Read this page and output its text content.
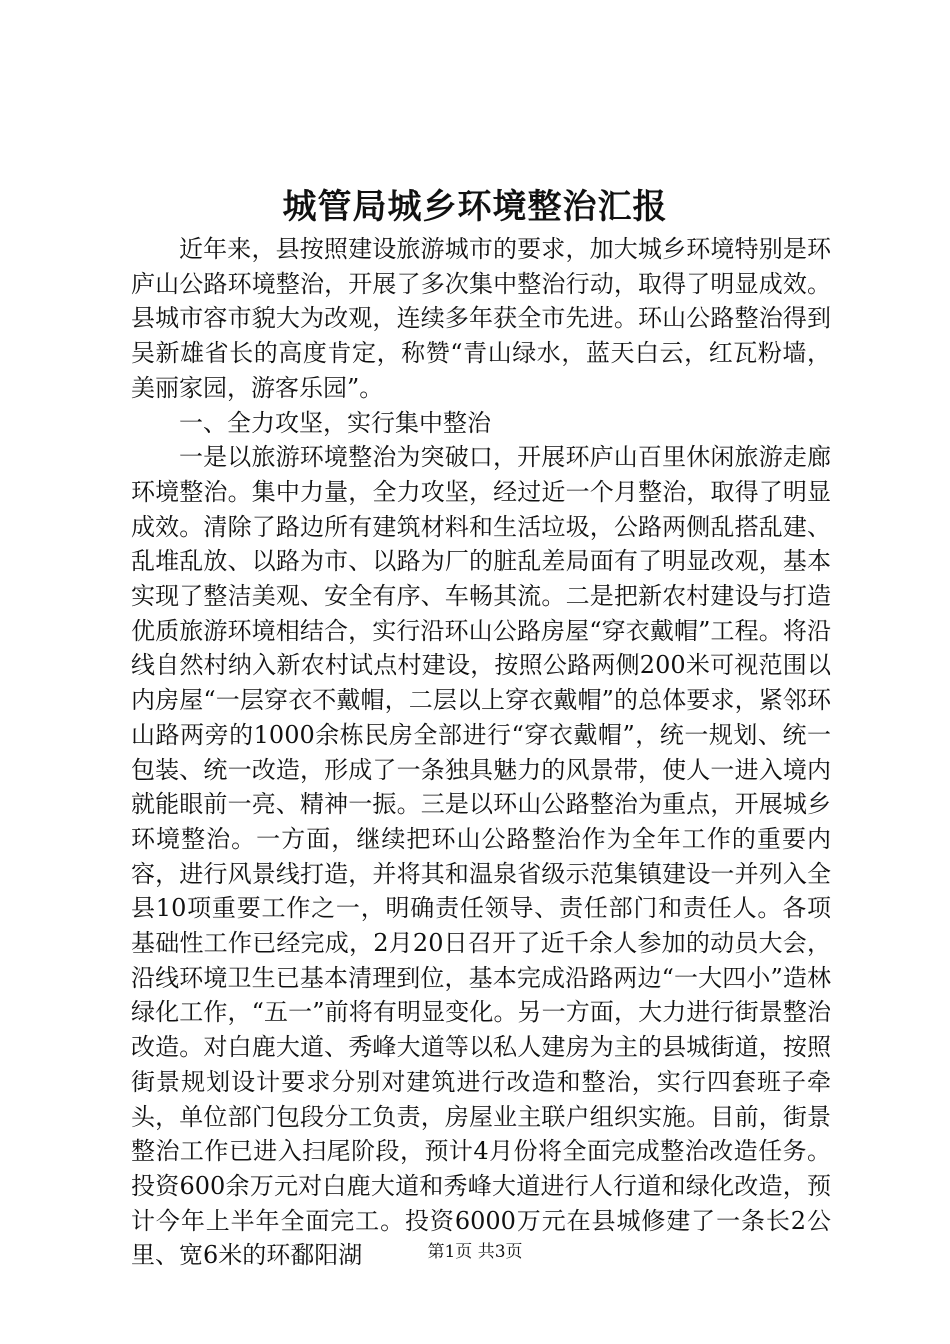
城管局城乡环境整治汇报

近年来，县按照建设旅游城市的要求，加大城乡环境特别是环庐山公路环境整治，开展了多次集中整治行动，取得了明显成效。县城市容市貌大为改观，连续多年获全市先进。环山公路整治得到吴新雄省长的高度肯定，称赞“青山绿水，蓝天白云，红瓦粉墙，美丽家园，游客乐园”。

一、全力攻坚，实行集中整治

一是以旅游环境整治为突破口，开展环庐山百里休闲旅游走廊环境整治。集中力量，全力攻坚，经过近一个月整治，取得了明显成效。清除了路边所有建筑材料和生活垃圾，公路两侧乱搭乱建、乱堆乱放、以路为市、以路为厂的脏乱差局面有了明显改观，基本实现了整洁美观、安全有序、车畅其流。二是把新农村建设与打造优质旅游环境相结合，实行沿环山公路房屋“穿衣戴帽”工程。将沿线自然村纳入新农村试点村建设，按照公路两侧200米可视范围以内房屋“一层穿衣不戴帽，二层以上穿衣戴帽”的总体要求，紧邻环山路两旁的1000余栋民房全部进行“穿衣戴帽”，统一规划、统一包装、统一改造，形成了一条独具魅力的风景带，使人一进入境内就能眼前一亮、精神一振。三是以环山公路整治为重点，开展城乡环境整治。一方面，继续把环山公路整治作为全年工作的重要内容，进行风景线打造，并将其和温泉省级示范集镇建设一并列入全县10项重要工作之一，明确责任领导、责任部门和责任人。各项基础性工作已经完成，2月20日召开了近千余人参加的动员大会，沿线环境卫生已基本清理到位，基本完成沿路两边“一大四小”造林绿化工作，“五一”前将有明显变化。另一方面，大力进行街景整治改造。对白鹿大道、秀峰大道等以私人建房为主的县城街道，按照街景规划设计要求分别对建筑进行改造和整治，实行四套班子牵头，单位部门包段分工负责，房屋业主联户组织实施。目前，街景整治工作已进入扫尾阶段，预计4月份将全面完成整治改造任务。投资600余万元对白鹿大道和秀峰大道进行人行道和绿化改造，预计今年上半年全面完工。投资6000万元在县城修建了一条长2公里、宽6米的环鄱阳湖	第1页 共3页
